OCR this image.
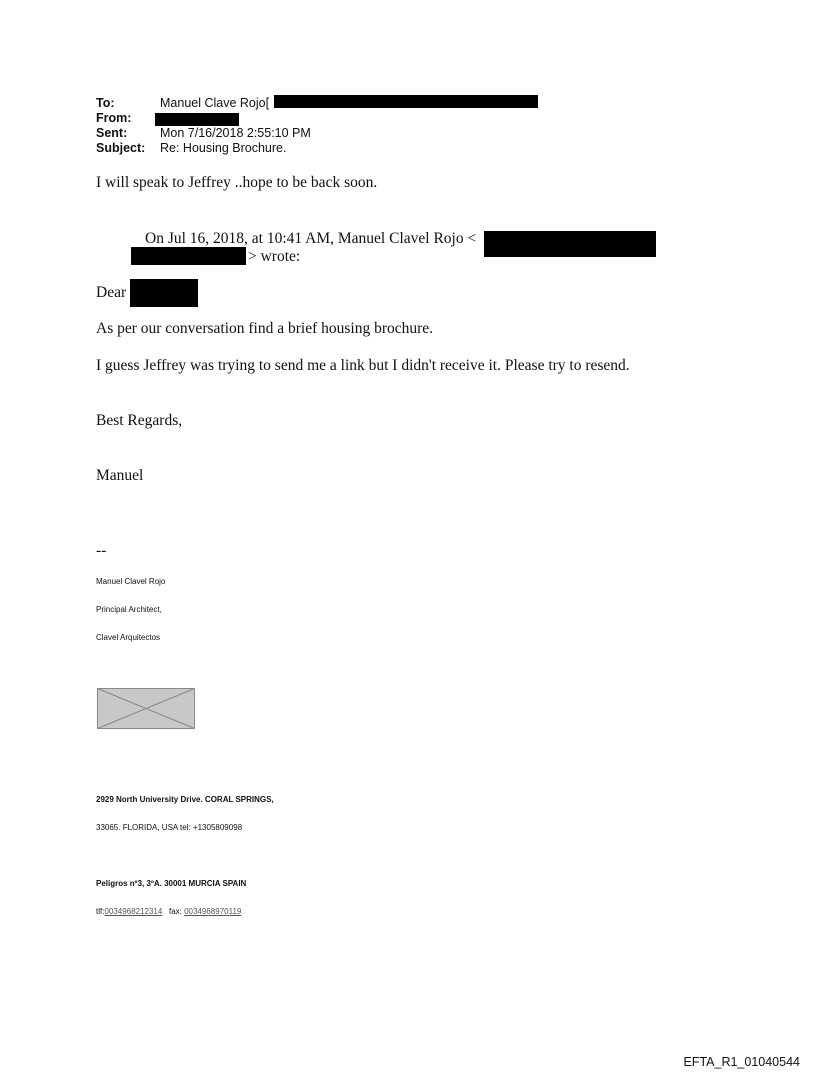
To:	Manuel Clave Rojo[
From:
Sent:	Mon 7/16/2018 2:55:10 PM
Subject: Re: Housing Brochure.
I will speak to Jeffrey ..hope to be back soon.
On Jul 16, 2018, at 10:41 AM, Manuel Clavel Rojo <
> wrote:
Dear
As per our conversation find a brief housing brochure.
I guess Jeffrey was trying to send me a link but I didn't receive it. Please try to resend.
Best Regards,
Manuel
--
Manuel Clavel Rojo
Principal Architect,
Clavel Arquitectos
2929 North University Drive. CORAL SPRINGS,
33065. FLORIDA, USA tel: +1305809098
Peligros nº3, 3ºA. 30001 MURCIA SPAIN
tlf:0034968212314 fax: 0034968970119
EFTA_R1_01040544
